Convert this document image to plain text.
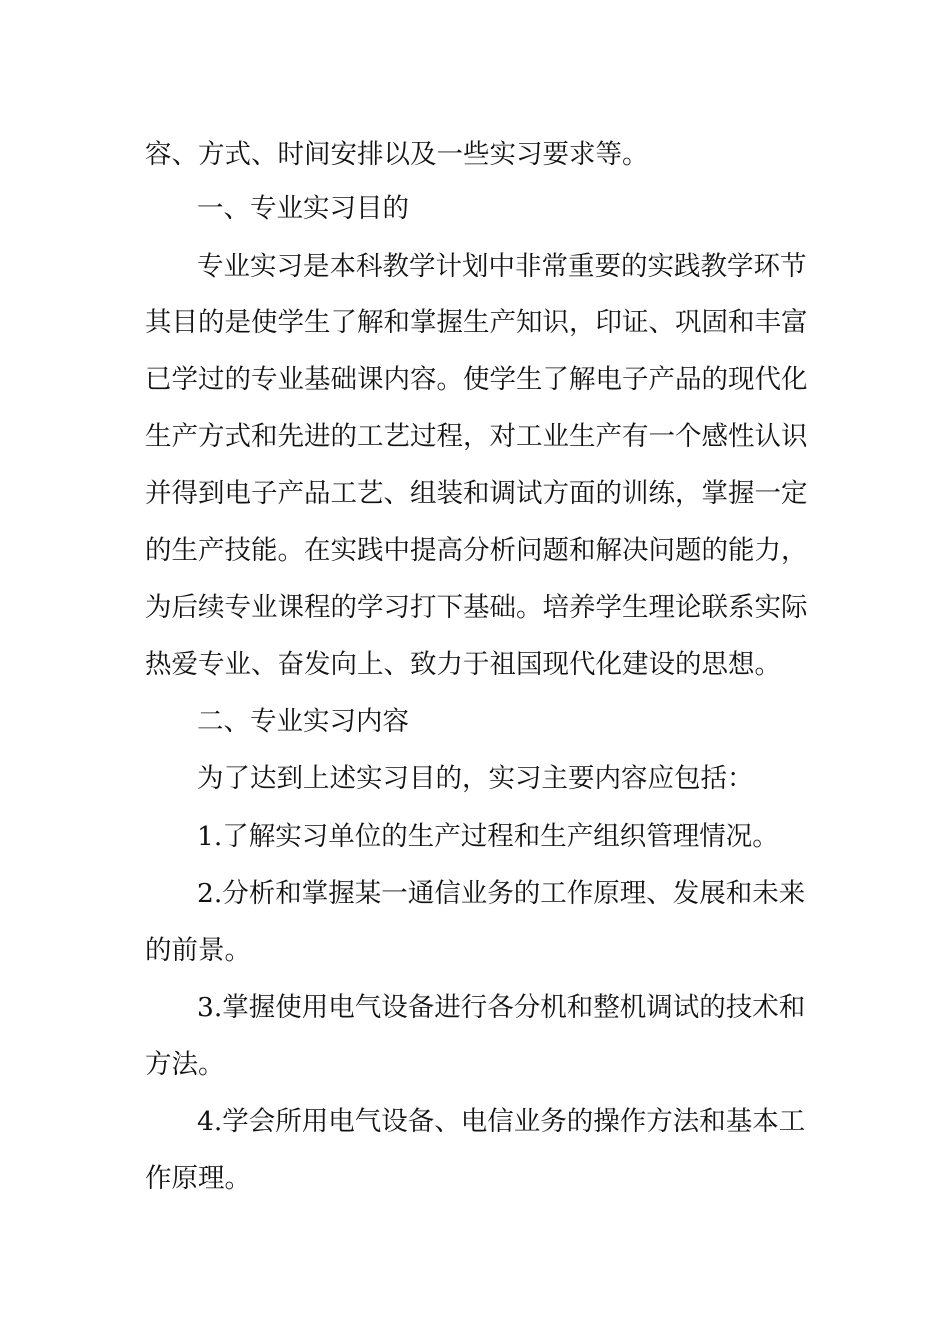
容、方式、时间安排以及一些实习要求等。
一、专业实习目的
专业实习是本科教学计划中非常重要的实践教学环节
其目的是使学生了解和掌握生产知识，印证、巩固和丰富
已学过的专业基础课内容。使学生了解电子产品的现代化
生产方式和先进的工艺过程，对工业生产有一个感性认识
并得到电子产品工艺、组装和调试方面的训练，掌握一定
的生产技能。在实践中提高分析问题和解决问题的能力，
为后续专业课程的学习打下基础。培养学生理论联系实际
热爱专业、奋发向上、致力于祖国现代化建设的思想。
二、专业实习内容
为了达到上述实习目的，实习主要内容应包括：
1.了解实习单位的生产过程和生产组织管理情况。
2.分析和掌握某一通信业务的工作原理、发展和未来
的前景。
3.掌握使用电气设备进行各分机和整机调试的技术和
方法。
4.学会所用电气设备、电信业务的操作方法和基本工
作原理。
